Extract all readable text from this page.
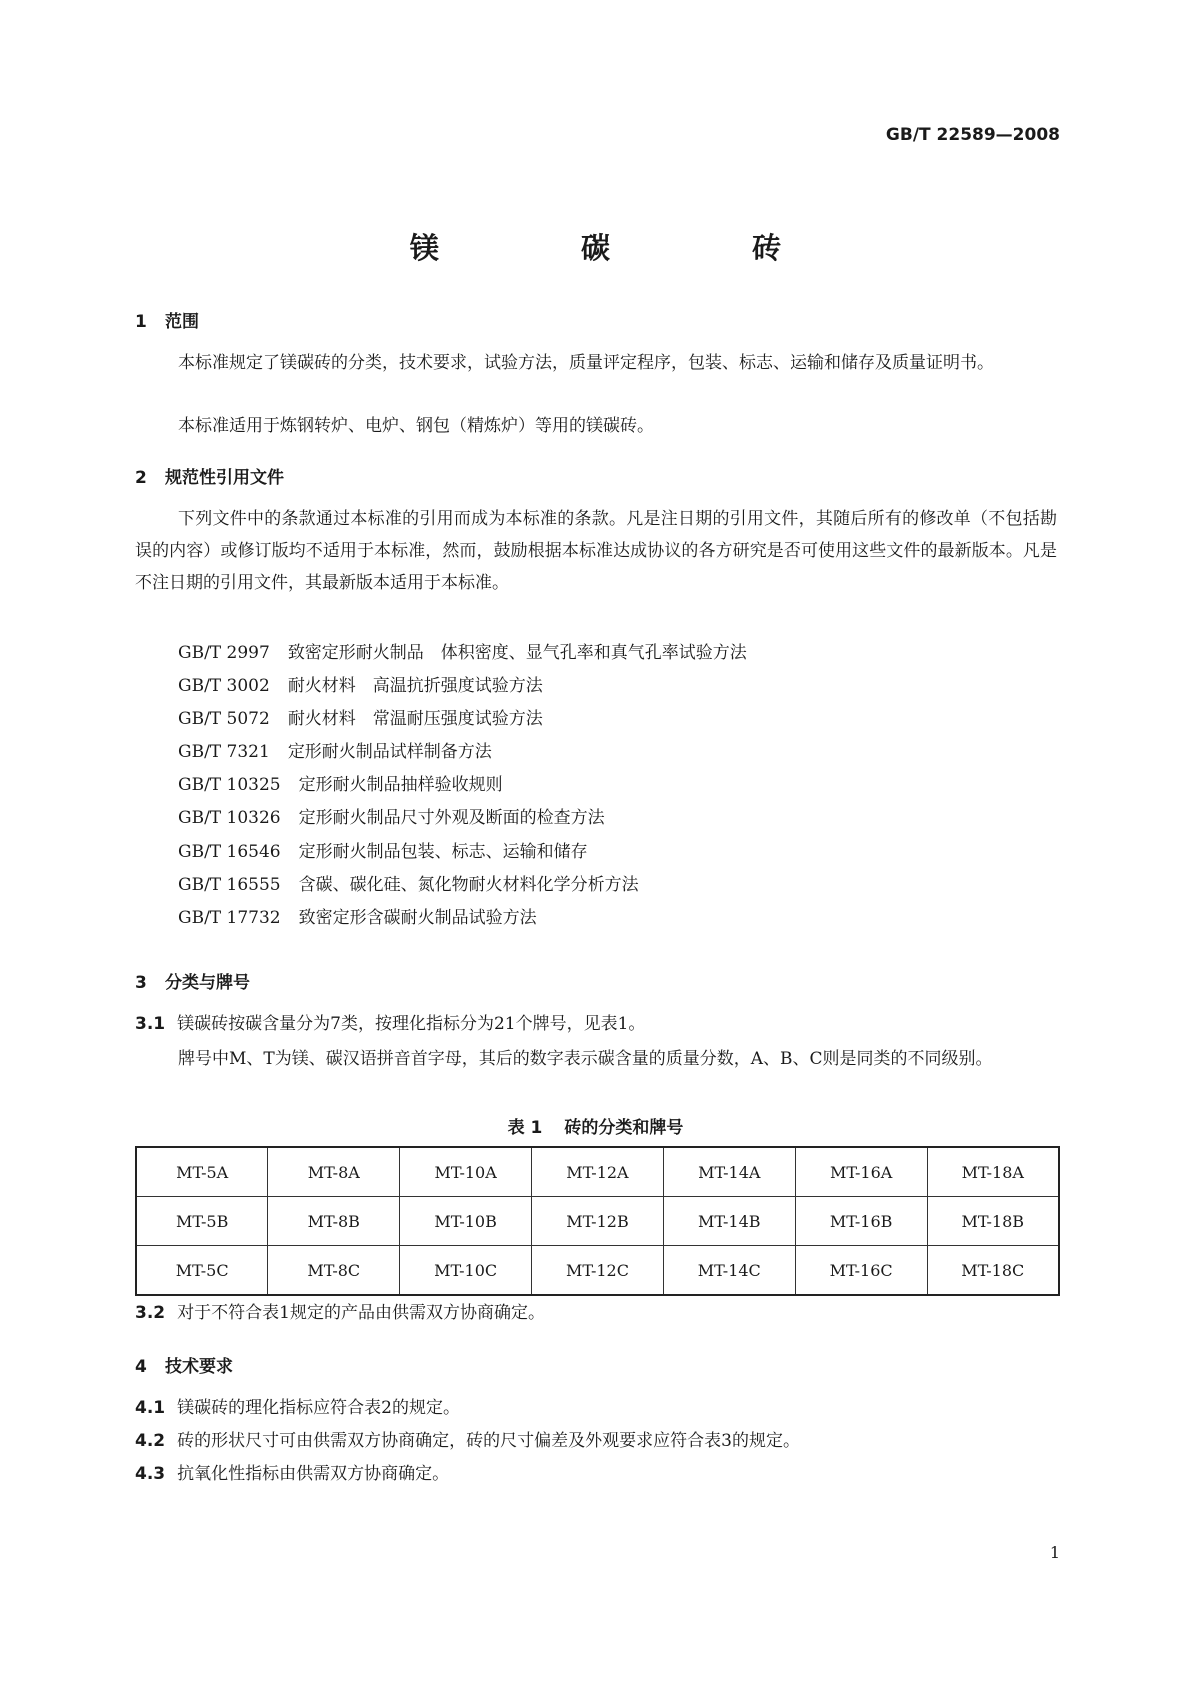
GB/T 22589—2008
镁 碳 砖
1 范围
本标准规定了镁碳砖的分类，技术要求，试验方法，质量评定程序，包装、标志、运输和储存及质量证明书。
本标准适用于炼钢转炉、电炉、钢包（精炼炉）等用的镁碳砖。
2 规范性引用文件
下列文件中的条款通过本标准的引用而成为本标准的条款。凡是注日期的引用文件，其随后所有的修改单（不包括勘误的内容）或修订版均不适用于本标准，然而，鼓励根据本标准达成协议的各方研究是否可使用这些文件的最新版本。凡是不注日期的引用文件，其最新版本适用于本标准。
GB/T 2997 致密定形耐火制品　体积密度、显气孔率和真气孔率试验方法
GB/T 3002 耐火材料　高温抗折强度试验方法
GB/T 5072 耐火材料　常温耐压强度试验方法
GB/T 7321 定形耐火制品试样制备方法
GB/T 10325 定形耐火制品抽样验收规则
GB/T 10326 定形耐火制品尺寸外观及断面的检查方法
GB/T 16546 定形耐火制品包装、标志、运输和储存
GB/T 16555 含碳、碳化硅、氮化物耐火材料化学分析方法
GB/T 17732 致密定形含碳耐火制品试验方法
3 分类与牌号
3.1 镁碳砖按碳含量分为7类，按理化指标分为21个牌号，见表1。
牌号中M、T为镁、碳汉语拼音首字母，其后的数字表示碳含量的质量分数，A、B、C则是同类的不同级别。
表 1 砖的分类和牌号
MT-5A	MT-8A	MT-10A	MT-12A	MT-14A	MT-16A	MT-18A
MT-5B	MT-8B	MT-10B	MT-12B	MT-14B	MT-16B	MT-18B
MT-5C	MT-8C	MT-10C	MT-12C	MT-14C	MT-16C	MT-18C
3.2 对于不符合表1规定的产品由供需双方协商确定。
4 技术要求
4.1 镁碳砖的理化指标应符合表2的规定。
4.2 砖的形状尺寸可由供需双方协商确定，砖的尺寸偏差及外观要求应符合表3的规定。
4.3 抗氧化性指标由供需双方协商确定。
1
